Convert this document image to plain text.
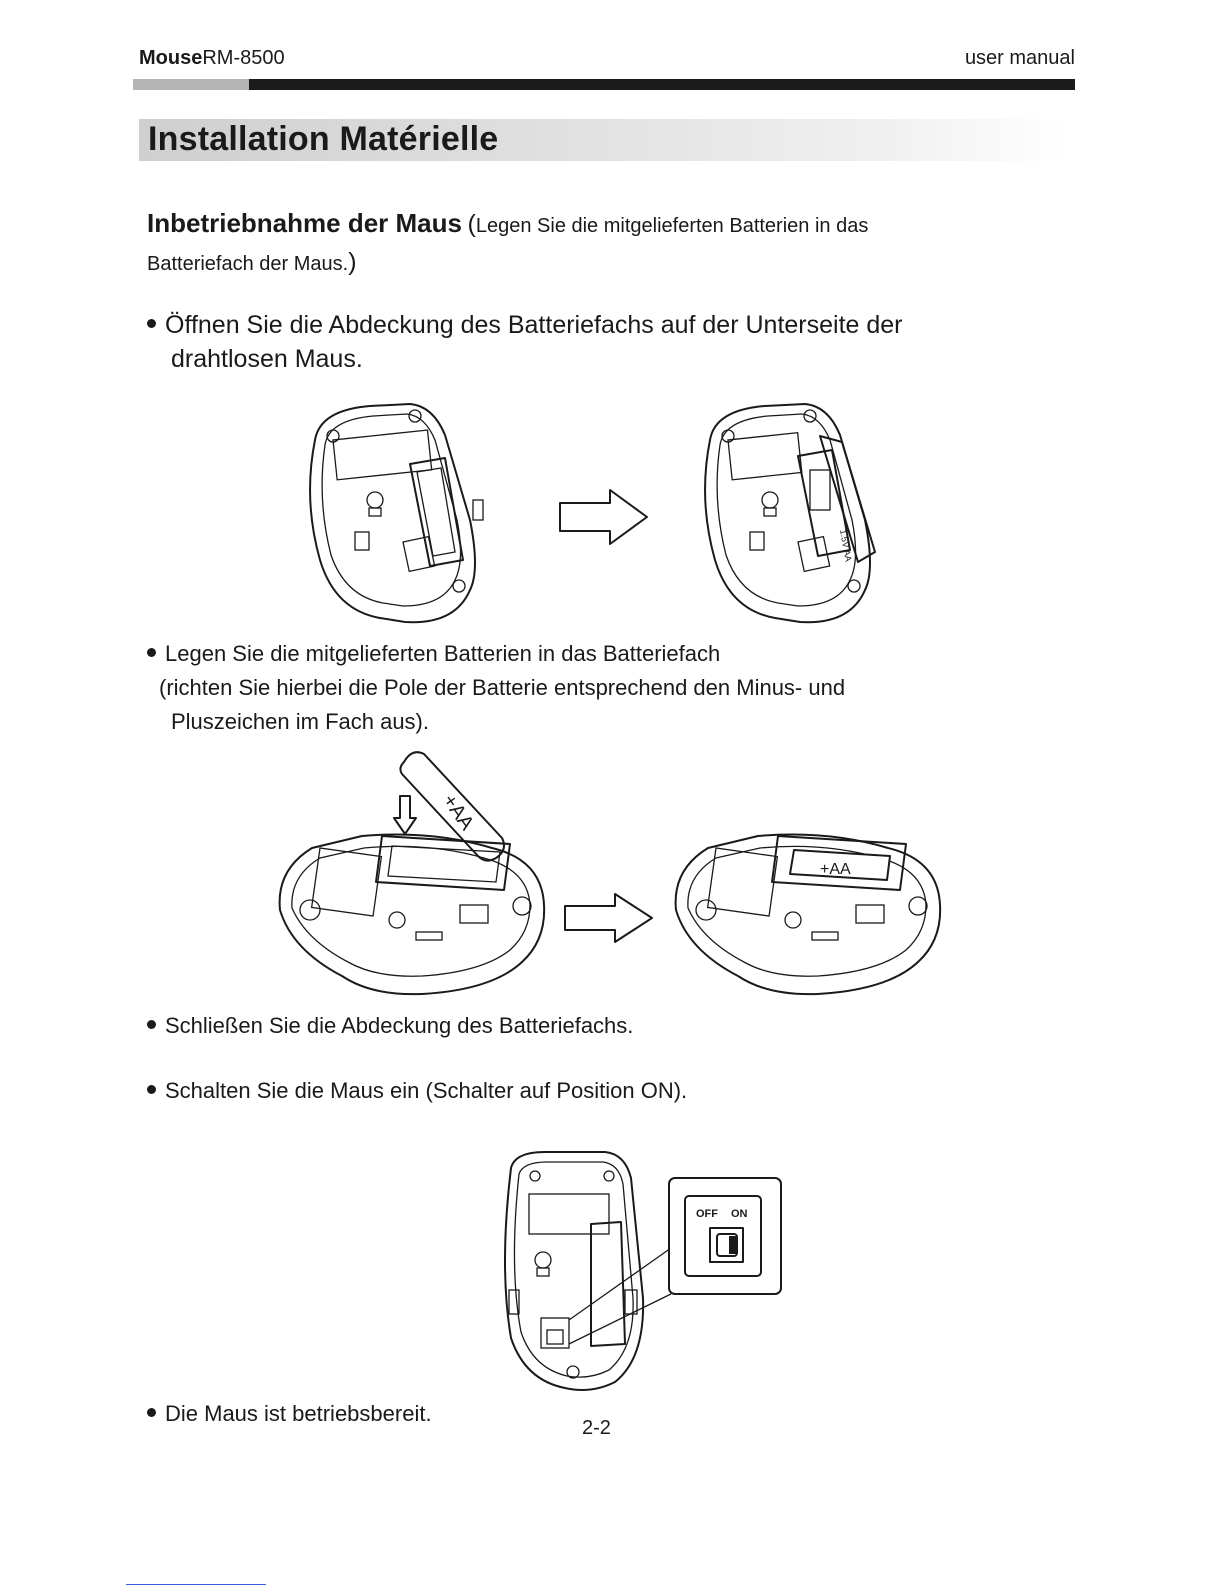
MouseRM-8500	user manual
Installation Matérielle
Inbetriebnahme der Maus (Legen Sie die mitgelieferten Batterien in das
Batteriefach der Maus.)
Öffnen Sie die Abdeckung des Batteriefachs auf der Unterseite der
drahtlosen Maus.
1.5V AA
Legen Sie die mitgelieferten Batterien in das Batteriefach
(richten Sie hierbei die Pole der Batterie entsprechend den Minus- und
Pluszeichen im Fach aus).
+AA
+AA
Schließen Sie die Abdeckung des Batteriefachs.
Schalten Sie die Maus ein (Schalter auf Position ON).
OFF ON
Die Maus ist betriebsbereit.
2-2
